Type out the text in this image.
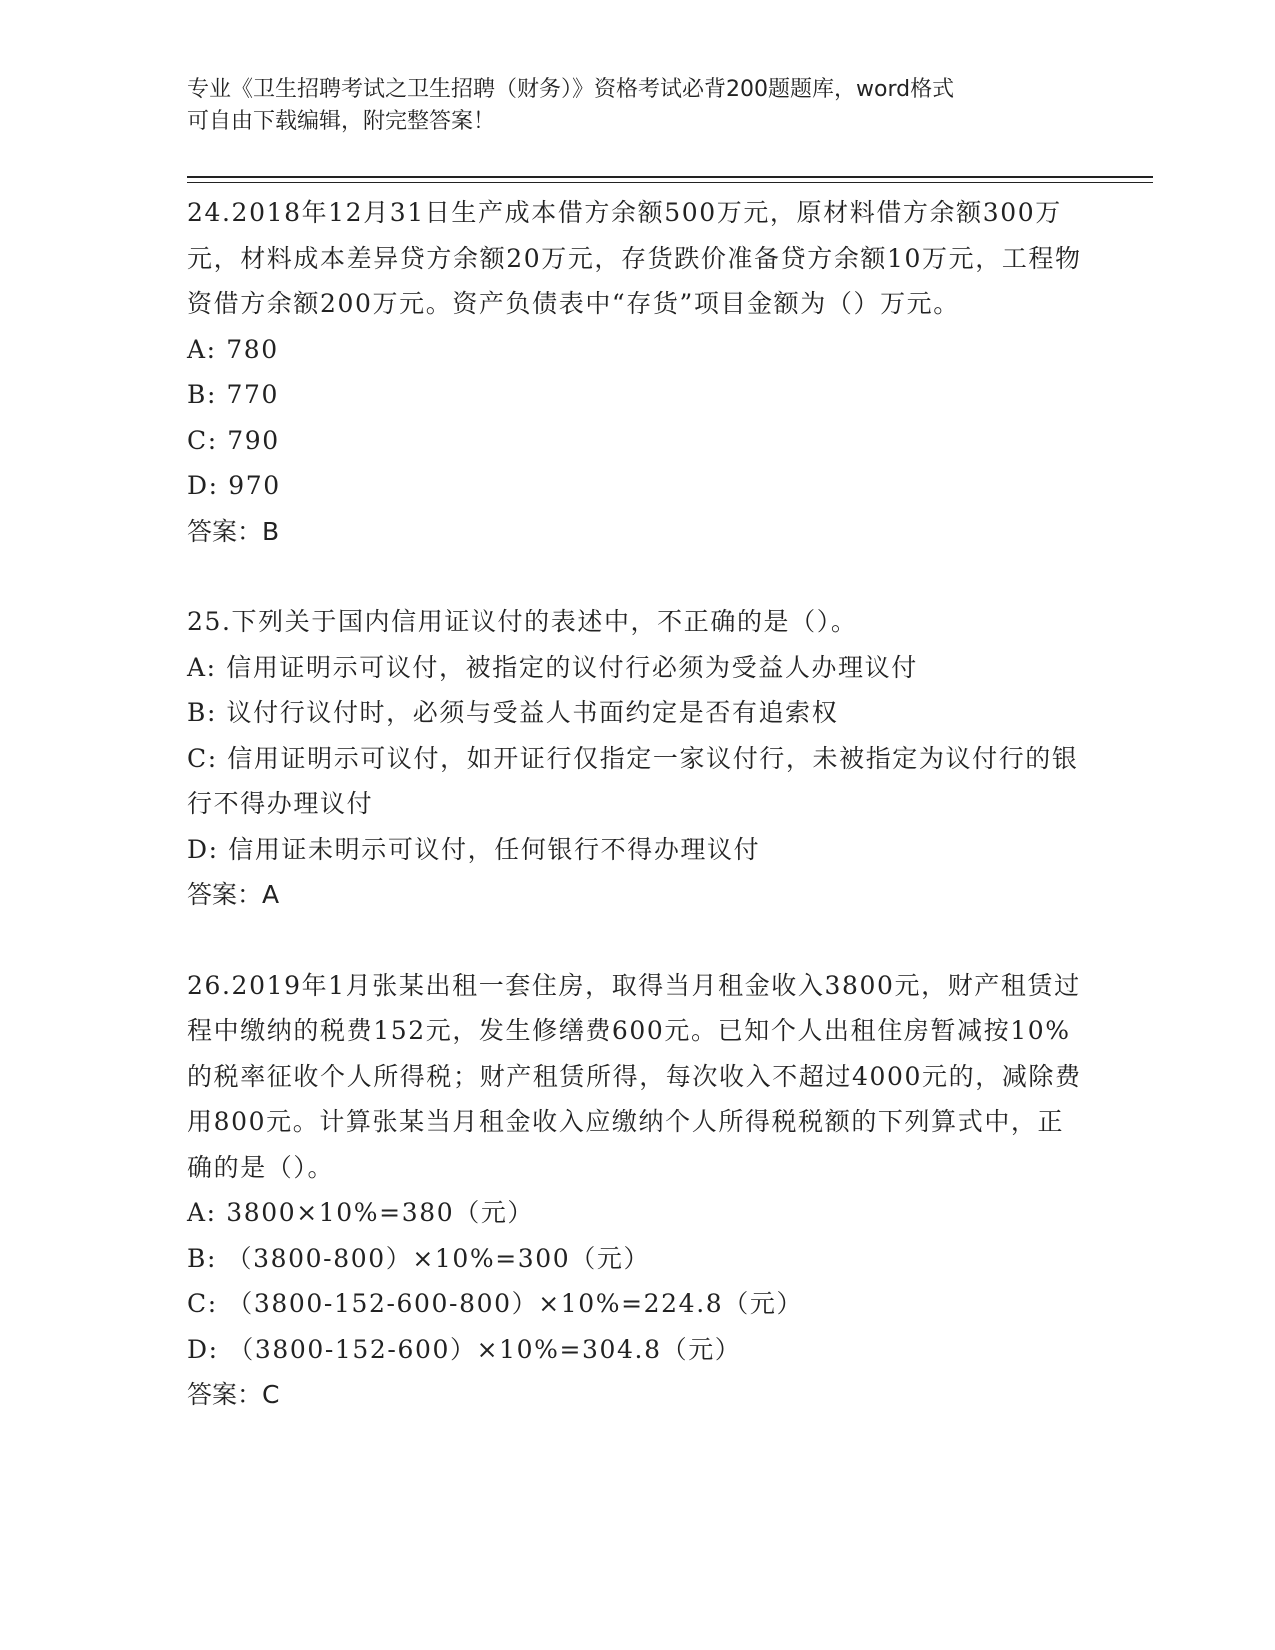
专业《卫生招聘考试之卫生招聘（财务）》资格考试必背200题题库，word格式
可自由下载编辑，附完整答案！

24.2018年12月31日生产成本借方余额500万元，原材料借方余额300万元，材料成本差异贷方余额20万元，存货跌价准备贷方余额10万元，工程物资借方余额200万元。资产负债表中“存货”项目金额为（）万元。

A: 780

B: 770

C: 790

D: 970

答案：B

25.下列关于国内信用证议付的表述中，不正确的是（）。

A: 信用证明示可议付，被指定的议付行必须为受益人办理议付

B: 议付行议付时，必须与受益人书面约定是否有追索权

C: 信用证明示可议付，如开证行仅指定一家议付行，未被指定为议付行的银行不得办理议付

D: 信用证未明示可议付，任何银行不得办理议付

答案：A

26.2019年1月张某出租一套住房，取得当月租金收入3800元，财产租赁过程中缴纳的税费152元，发生修缮费600元。已知个人出租住房暂减按10%的税率征收个人所得税；财产租赁所得，每次收入不超过4000元的，减除费用800元。计算张某当月租金收入应缴纳个人所得税税额的下列算式中，正确的是（）。

A: 3800×10%=380（元）

B: （3800-800）×10%=300（元）

C: （3800-152-600-800）×10%=224.8（元）

D: （3800-152-600）×10%=304.8（元）

答案：C
